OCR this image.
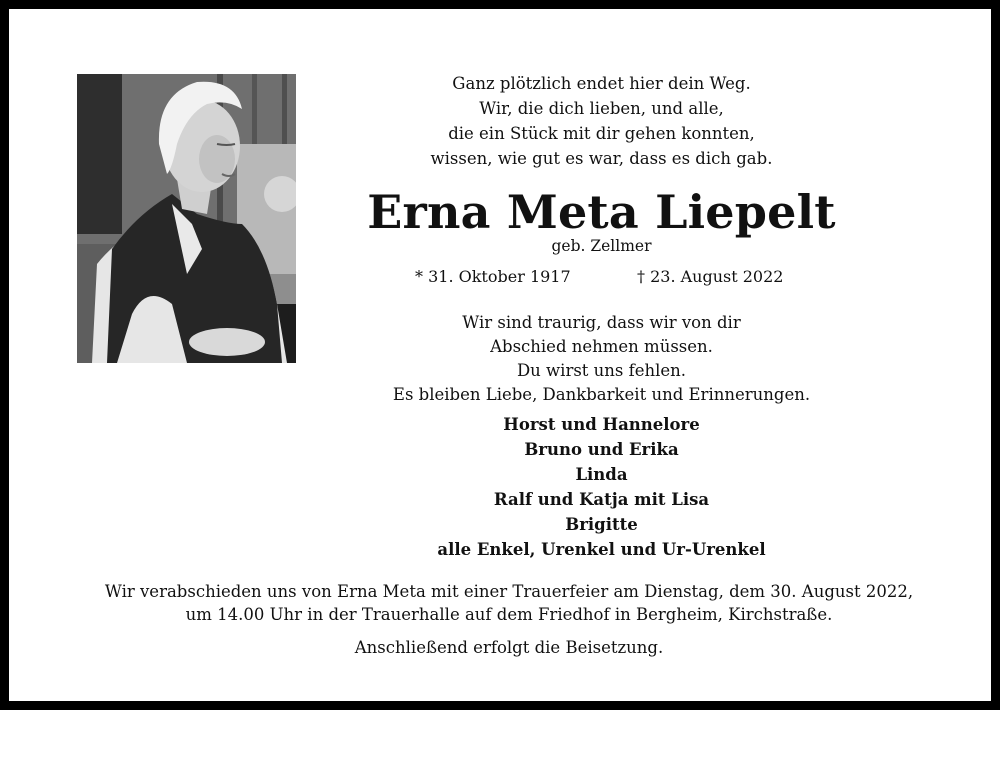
Ganz plötzlich endet hier dein Weg.
Wir, die dich lieben, und alle,
die ein Stück mit dir gehen konnten,
wissen, wie gut es war, dass es dich gab.
Erna Meta Liepelt
geb. Zellmer
* 31. Oktober 1917	† 23. August 2022
Wir sind traurig, dass wir von dir
Abschied nehmen müssen.
Du wirst uns fehlen.
Es bleiben Liebe, Dankbarkeit und Erinnerungen.
Horst und Hannelore
Bruno und Erika
Linda
Ralf und Katja mit Lisa
Brigitte
alle Enkel, Urenkel und Ur-Urenkel
Wir verabschieden uns von Erna Meta mit einer Trauerfeier am Dienstag, dem 30. August 2022,
um 14.00 Uhr in der Trauerhalle auf dem Friedhof in Bergheim, Kirchstraße.
Anschließend erfolgt die Beisetzung.
